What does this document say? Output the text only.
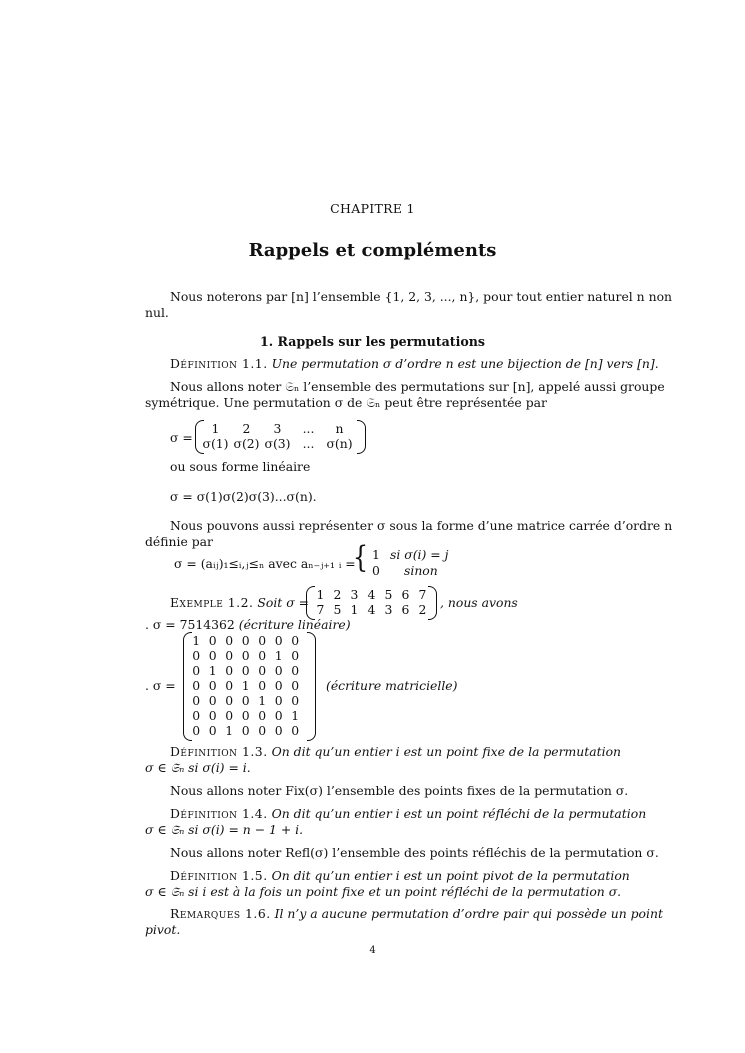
CHAPITRE 1
Rappels et compléments
Nous noterons par [n] l’ensemble {1, 2, 3, ..., n}, pour tout entier naturel n non
nul.
1. Rappels sur les permutations
Définition 1.1. Une permutation σ d’ordre n est une bijection de [n] vers [n].
Nous allons noter 𝔖ₙ l’ensemble des permutations sur [n], appelé aussi groupe
symétrique. Une permutation σ de 𝔖ₙ peut être représentée par
σ =
1	2	3	...	n
σ(1)	σ(2)	σ(3)	...	σ(n)
ou sous forme linéaire
σ = σ(1)σ(2)σ(3)...σ(n).
Nous pouvons aussi représenter σ sous la forme d’une matrice carrée d’ordre n
définie par
σ = (aᵢⱼ)₁≤ᵢ,ⱼ≤ₙ avec aₙ₋ⱼ₊₁ ᵢ =
{ 1 si σ(i) = j
0 sinon
Exemple 1.2. Soit σ =
1	2	3	4	5	6	7
7	5	1	4	3	6	2 , nous avons
. σ = 7514362 (écriture linéaire)
. σ =
1	0	0	0	0	0	0
0	0	0	0	0	1	0
0	1	0	0	0	0	0
0	0	0	1	0	0	0
0	0	0	0	1	0	0
0	0	0	0	0	0	1
0	0	1	0	0	0	0
(écriture matricielle)
Définition 1.3. On dit qu’un entier i est un point fixe de la permutation
σ ∈ 𝔖ₙ si σ(i) = i.
Nous allons noter Fix(σ) l’ensemble des points fixes de la permutation σ.
Définition 1.4. On dit qu’un entier i est un point réfléchi de la permutation
σ ∈ 𝔖ₙ si σ(i) = n − 1 + i.
Nous allons noter Refl(σ) l’ensemble des points réfléchis de la permutation σ.
Définition 1.5. On dit qu’un entier i est un point pivot de la permutation
σ ∈ 𝔖ₙ si i est à la fois un point fixe et un point réfléchi de la permutation σ.
Remarques 1.6. Il n’y a aucune permutation d’ordre pair qui possède un point
pivot.
4
